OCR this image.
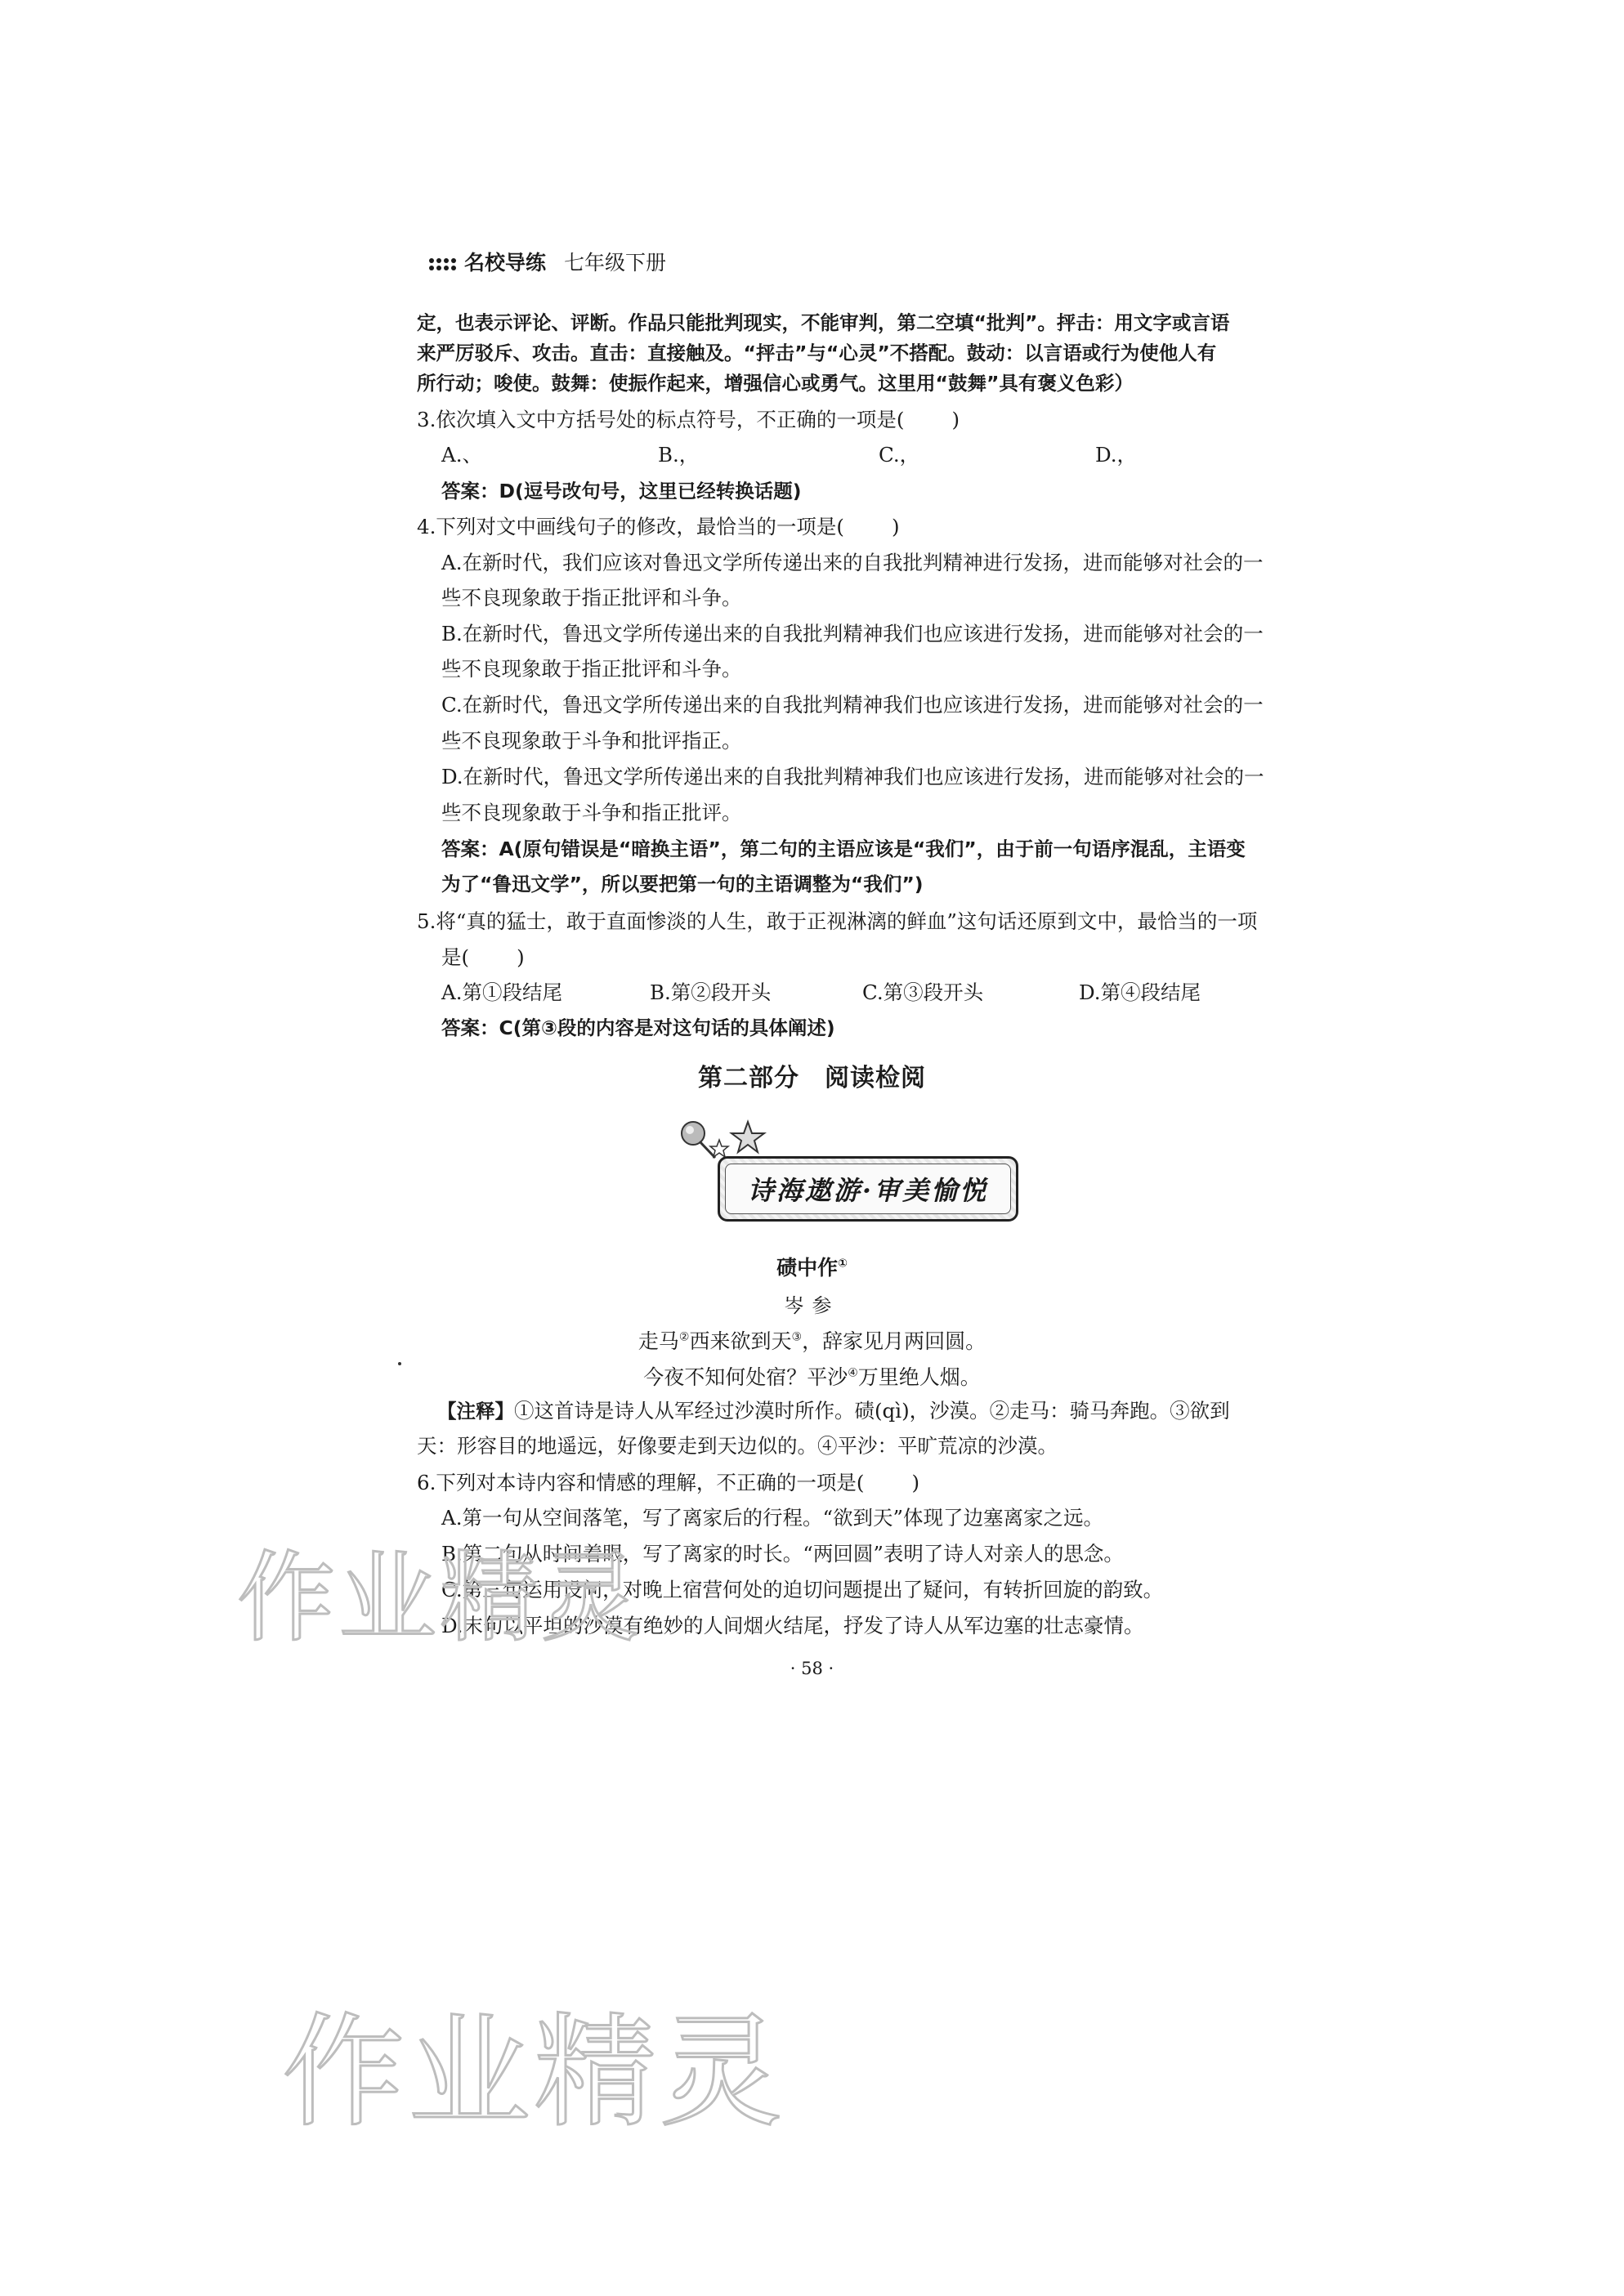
名校导练 七年级下册
定，也表示评论、评断。作品只能批判现实，不能审判，第二空填“批判”。抨击：用文字或言语
来严厉驳斥、攻击。直击：直接触及。“抨击”与“心灵”不搭配。鼓动：以言语或行为使他人有
所行动；唆使。鼓舞：使振作起来，增强信心或勇气。这里用“鼓舞”具有褒义色彩）
3.依次填入文中方括号处的标点符号，不正确的一项是( )
A.、	B.，	C.，	D.，
答案：D(逗号改句号，这里已经转换话题)
4.下列对文中画线句子的修改，最恰当的一项是( )
A.在新时代，我们应该对鲁迅文学所传递出来的自我批判精神进行发扬，进而能够对社会的一
些不良现象敢于指正批评和斗争。
B.在新时代，鲁迅文学所传递出来的自我批判精神我们也应该进行发扬，进而能够对社会的一
些不良现象敢于指正批评和斗争。
C.在新时代，鲁迅文学所传递出来的自我批判精神我们也应该进行发扬，进而能够对社会的一
些不良现象敢于斗争和批评指正。
D.在新时代，鲁迅文学所传递出来的自我批判精神我们也应该进行发扬，进而能够对社会的一
些不良现象敢于斗争和指正批评。
答案：A(原句错误是“暗换主语”，第二句的主语应该是“我们”，由于前一句语序混乱，主语变
为了“鲁迅文学”，所以要把第一句的主语调整为“我们”)
5.将“真的猛士，敢于直面惨淡的人生，敢于正视淋漓的鲜血”这句话还原到文中，最恰当的一项
是( )
A.第①段结尾	B.第②段开头	C.第③段开头	D.第④段结尾
答案：C(第③段的内容是对这句话的具体阐述)
第二部分　阅读检阅
诗海遨游·审美愉悦
碛中作①
岑参
走马②西来欲到天③，辞家见月两回圆。
今夜不知何处宿？平沙④万里绝人烟。
【注释】①这首诗是诗人从军经过沙漠时所作。碛(qì)，沙漠。②走马：骑马奔跑。③欲到
天：形容目的地遥远，好像要走到天边似的。④平沙：平旷荒凉的沙漠。
6.下列对本诗内容和情感的理解，不正确的一项是( )
A.第一句从空间落笔，写了离家后的行程。“欲到天”体现了边塞离家之远。
B.第二句从时间着眼，写了离家的时长。“两回圆”表明了诗人对亲人的思念。
C.第三句运用设问，对晚上宿营何处的迫切问题提出了疑问，有转折回旋的韵致。
D.末句以平坦的沙漠有绝妙的人间烟火结尾，抒发了诗人从军边塞的壮志豪情。
· 58 ·
作业精灵
作业精灵
